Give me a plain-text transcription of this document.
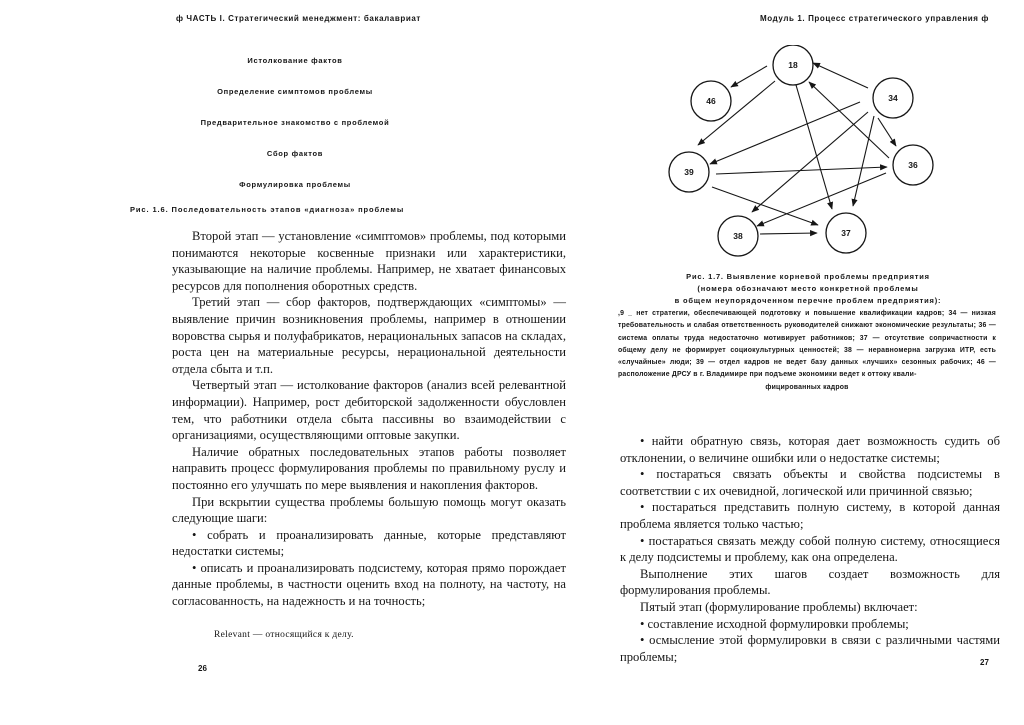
ф ЧАСТЬ I. Стратегический менеджмент: бакалавриат
Истолкование фактов
Определение симптомов проблемы
Предварительное знакомство с проблемой
Сбор фактов
Формулировка проблемы
Рис. 1.6. Последовательность этапов «диагноза» проблемы

Второй этап — установление «симптомов» проблемы, под которыми понимаются некоторые косвенные признаки или характеристики, указывающие на наличие проблемы. Например, не хватает финансовых ресурсов для пополнения оборотных средств.

Третий этап — сбор факторов, подтверждающих «симптомы» — выявление причин возникновения проблемы, например в отношении воровства сырья и полуфабрикатов, нерациональных запасов на складах, роста цен на материальные ресурсы, нерациональной деятельности отдела сбыта и т.п.

Четвертый этап — истолкование факторов (анализ всей релевантной информации). Например, рост дебиторской задолженности обусловлен тем, что работники отдела сбыта пассивны во взаимодействии с организациями, осуществляющими оптовые закупки.

Наличие обратных последовательных этапов работы позволяет направить процесс формулирования проблемы по правильному руслу и постоянно его улучшать по мере выявления и накопления факторов.

При вскрытии существа проблемы большую помощь могут оказать следующие шаги:

• собрать и проанализировать данные, которые представляют недостатки системы;

• описать и проанализировать подсистему, которая прямо порождает данные проблемы, в частности оценить вход на полноту, на частоту, на согласованность, на надежность и на точность;

Relevant — относящийся к делу.
26
Модуль 1. Процесс стратегического управления ф
18
46	34
39
36
38	37
Рис. 1.7. Выявление корневой проблемы предприятия
(номера обозначают место конкретной проблемы
в общем неупорядоченном перечне проблем предприятия):
,9 _ нет стратегии, обеспечивающей подготовку и повышение квалификации кадров; 34 — низкая требовательность и слабая ответственность руководителей снижают экономические результаты; 36 — система оплаты труда недостаточно мотивирует работников; 37 — отсутствие сопричастности к общему делу не формирует социокультурных ценностей; 38 — неравномерна загрузка ИТР, есть «случайные» люди; 39 — отдел кадров не ведет базу данных «лучших» сезонных рабочих; 46 — расположение ДРСУ в г. Владимире при подъеме экономики ведет к оттоку квали-
фицированных кадров

• найти обратную связь, которая дает возможность судить об отклонении, о величине ошибки или о недостатке системы;

• постараться связать объекты и свойства подсистемы в соответствии с их очевидной, логической или причинной связью;

• постараться представить полную систему, в которой данная проблема является только частью;

• постараться связать между собой полную систему, относящиеся к делу подсистемы и проблему, как она определена.

Выполнение этих шагов создает возможность для формулирования проблемы.

Пятый этап (формулирование проблемы) включает:

• составление исходной формулировки проблемы;

• осмысление этой формулировки в связи с различными частями проблемы;	27
